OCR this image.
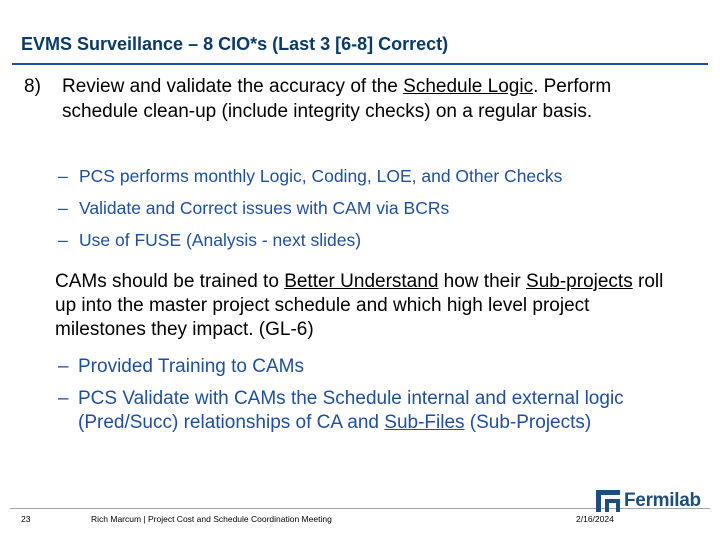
EVMS Surveillance – 8 CIO*s (Last 3 [6-8] Correct)
8) Review and validate the accuracy of the Schedule Logic. Perform schedule clean-up (include integrity checks) on a regular basis.
– PCS performs monthly Logic, Coding, LOE, and Other Checks
– Validate and Correct issues with CAM via BCRs
– Use of FUSE (Analysis - next slides)
CAMs should be trained to Better Understand how their Sub-projects roll up into the master project schedule and which high level project milestones they impact. (GL-6)
– Provided Training to CAMs
– PCS Validate with CAMs the Schedule internal and external logic (Pred/Succ) relationships of CA and Sub-Files (Sub-Projects)
23	Rich Marcum | Project Cost and Schedule Coordination Meeting	2/16/2024
Fermilab
